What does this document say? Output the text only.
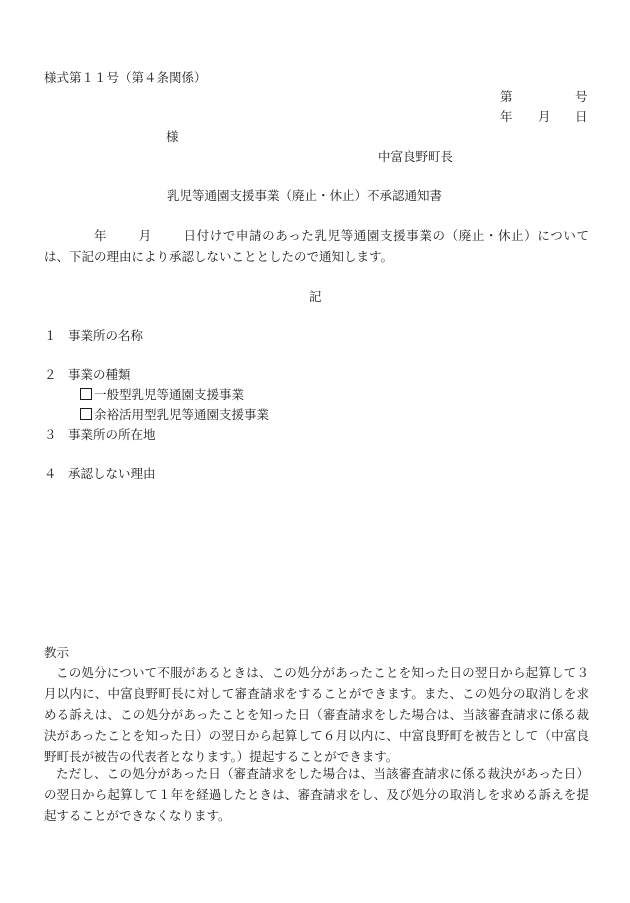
様式第１１号（第４条関係）
第	号
年 月 日
様
中富良野町長
乳児等通園支援事業（廃止・休止）不承認通知書
年 月 日付けで申請のあった乳児等通園支援事業の（廃止・休止）については、下記の理由により承認しないこととしたので通知します。
記
１ 事業所の名称
２ 事業の種類
一般型乳児等通園支援事業
余裕活用型乳児等通園支援事業
３ 事業所の所在地
４ 承認しない理由
教示
この処分について不服があるときは、この処分があったことを知った日の翌日から起算して３月以内に、中富良野町長に対して審査請求をすることができます。また、この処分の取消しを求める訴えは、この処分があったことを知った日（審査請求をした場合は、当該審査請求に係る裁決があったことを知った日）の翌日から起算して６月以内に、中富良野町を被告として（中富良野町長が被告の代表者となります。）提起することができます。
ただし、この処分があった日（審査請求をした場合は、当該審査請求に係る裁決があった日）の翌日から起算して１年を経過したときは、審査請求をし、及び処分の取消しを求める訴えを提起することができなくなります。
